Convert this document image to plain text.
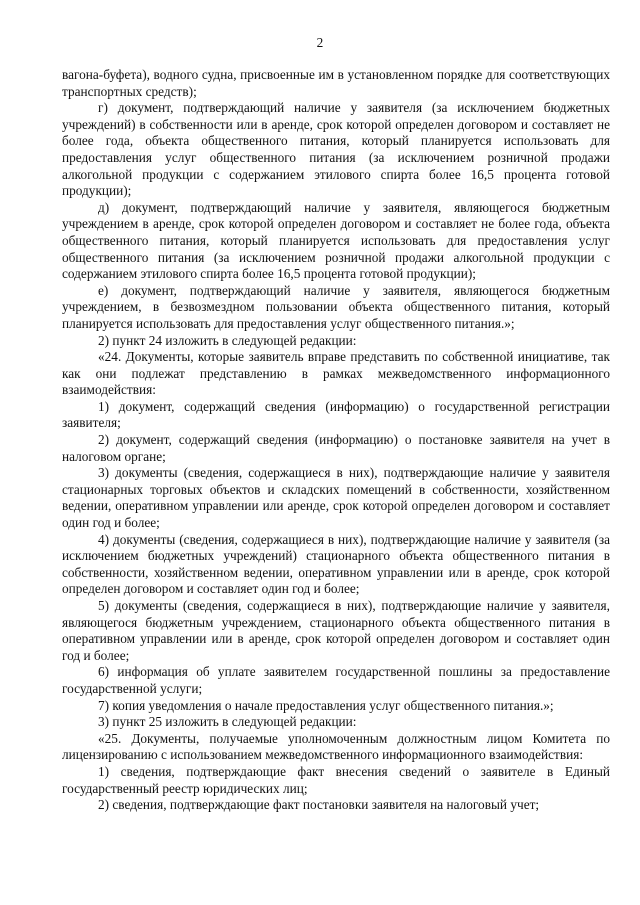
2

вагона-буфета), водного судна, присвоенные им в установленном порядке для соответствующих транспортных средств);

г) документ, подтверждающий наличие у заявителя (за исключением бюджетных учреждений) в собственности или в аренде, срок которой определен договором и составляет не более года, объекта общественного питания, который планируется использовать для предоставления услуг общественного питания (за исключением розничной продажи алкогольной продукции с содержанием этилового спирта более 16,5 процента готовой продукции);

д) документ, подтверждающий наличие у заявителя, являющегося бюджетным учреждением в аренде, срок которой определен договором и составляет не более года, объекта общественного питания, который планируется использовать для предоставления услуг общественного питания (за исключением розничной продажи алкогольной продукции с содержанием этилового спирта более 16,5 процента готовой продукции);

е) документ, подтверждающий наличие у заявителя, являющегося бюджетным учреждением, в безвозмездном пользовании объекта общественного питания, который планируется использовать для предоставления услуг общественного питания.»;

2) пункт 24 изложить в следующей редакции:

«24. Документы, которые заявитель вправе представить по собственной инициативе, так как они подлежат представлению в рамках межведомственного информационного взаимодействия:

1) документ, содержащий сведения (информацию) о государственной регистрации заявителя;

2) документ, содержащий сведения (информацию) о постановке заявителя на учет в налоговом органе;

3) документы (сведения, содержащиеся в них), подтверждающие наличие у заявителя стационарных торговых объектов и складских помещений в собственности, хозяйственном ведении, оперативном управлении или аренде, срок которой определен договором и составляет один год и более;

4) документы (сведения, содержащиеся в них), подтверждающие наличие у заявителя (за исключением бюджетных учреждений) стационарного объекта общественного питания в собственности, хозяйственном ведении, оперативном управлении или в аренде, срок которой определен договором и составляет один год и более;

5) документы (сведения, содержащиеся в них), подтверждающие наличие у заявителя, являющегося бюджетным учреждением, стационарного объекта общественного питания в оперативном управлении или в аренде, срок которой определен договором и составляет один год и более;

6) информация об уплате заявителем государственной пошлины за предоставление государственной услуги;

7) копия уведомления о начале предоставления услуг общественного питания.»;

3) пункт 25 изложить в следующей редакции:

«25. Документы, получаемые уполномоченным должностным лицом Комитета по лицензированию с использованием межведомственного информационного взаимодействия:

1) сведения, подтверждающие факт внесения сведений о заявителе в Единый государственный реестр юридических лиц;

2) сведения, подтверждающие факт постановки заявителя на налоговый учет;
